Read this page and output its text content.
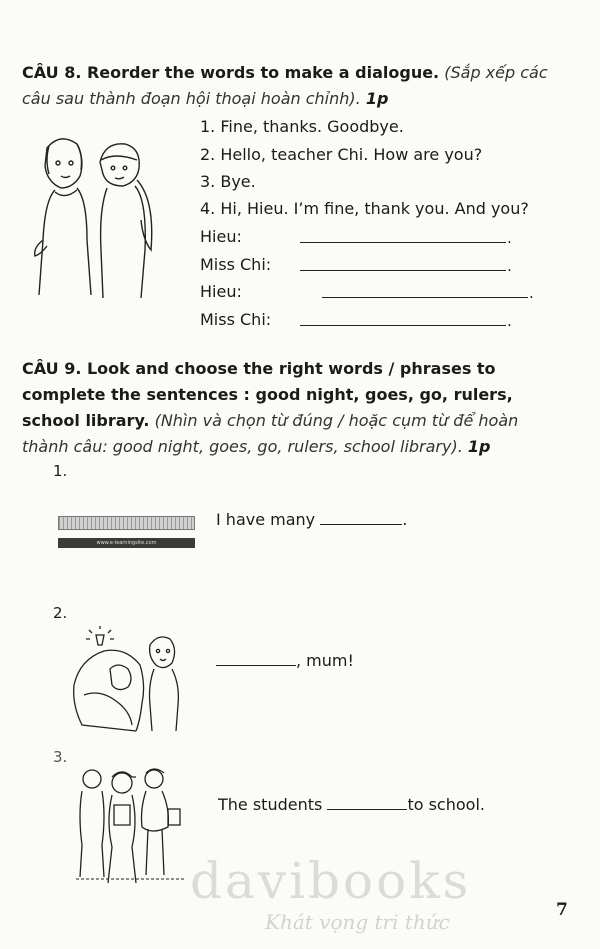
CÂU 8. Reorder the words to make a dialogue. (Sắp xếp các câu sau thành đoạn hội thoại hoàn chỉnh). 1p
1. Fine, thanks. Goodbye.
2. Hello, teacher Chi. How are you?
3. Bye.
4. Hi, Hieu. I’m fine, thank you. And you?
Hieu:	.
Miss Chi:	.
Hieu:	.
Miss Chi:	.
CÂU 9. Look and choose the right words / phrases to complete the sentences : good night, goes, go, rulers, school library. (Nhìn và chọn từ đúng / hoặc cụm từ để hoàn thành câu: good night, goes, go, rulers, school library). 1p
1.
www.e-learningsite.com
I have many	.
2.
, mum!
3.
The students	to school.
davibooks
Khát vọng tri thức	7
